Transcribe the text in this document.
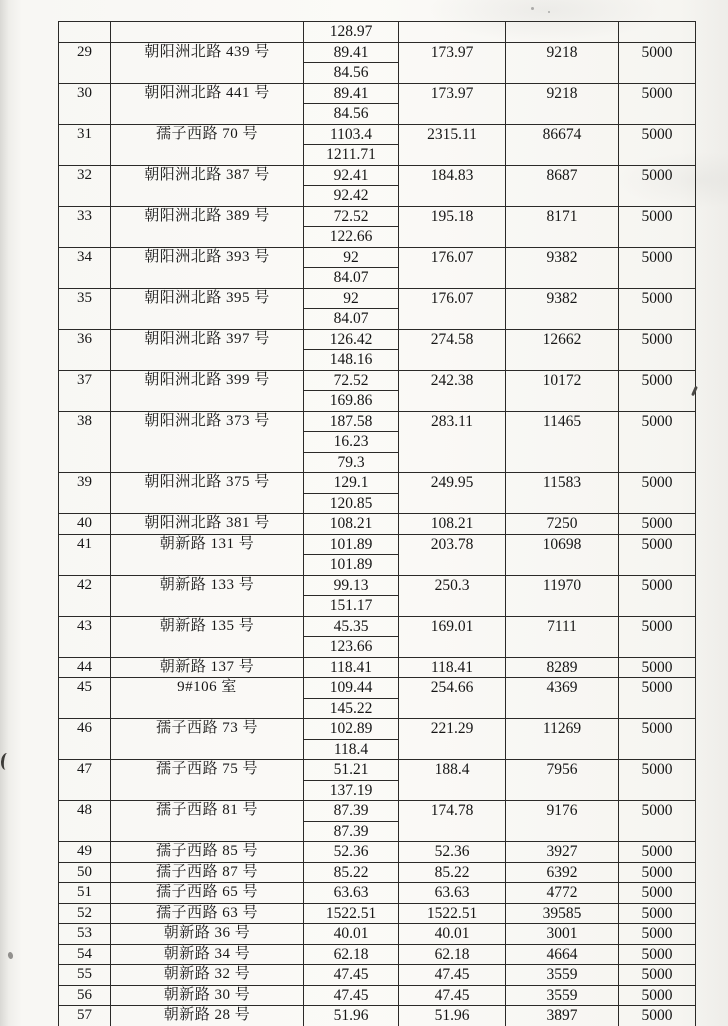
		128.97			
29	朝阳洲北路 439 号	89.41	173.97	9218	5000
		84.56			
30	朝阳洲北路 441 号	89.41	173.97	9218	5000
		84.56			
31	孺子西路 70 号	1103.4	2315.11	86674	5000
		1211.71			
32	朝阳洲北路 387 号	92.41	184.83	8687	5000
		92.42			
33	朝阳洲北路 389 号	72.52	195.18	8171	5000
		122.66			
34	朝阳洲北路 393 号	92	176.07	9382	5000
		84.07			
35	朝阳洲北路 395 号	92	176.07	9382	5000
		84.07			
36	朝阳洲北路 397 号	126.42	274.58	12662	5000
		148.16			
37	朝阳洲北路 399 号	72.52	242.38	10172	5000
		169.86			
38	朝阳洲北路 373 号	187.58	283.11	11465	5000
		16.23			
		79.3			
39	朝阳洲北路 375 号	129.1	249.95	11583	5000
		120.85			
40	朝阳洲北路 381 号	108.21	108.21	7250	5000
41	朝新路 131 号	101.89	203.78	10698	5000
		101.89			
42	朝新路 133 号	99.13	250.3	11970	5000
		151.17			
43	朝新路 135 号	45.35	169.01	7111	5000
		123.66			
44	朝新路 137 号	118.41	118.41	8289	5000
45	9#106 室	109.44	254.66	4369	5000
		145.22			
46	孺子西路 73 号	102.89	221.29	11269	5000
		118.4			
47	孺子西路 75 号	51.21	188.4	7956	5000
		137.19			
48	孺子西路 81 号	87.39	174.78	9176	5000
		87.39			
49	孺子西路 85 号	52.36	52.36	3927	5000
50	孺子西路 87 号	85.22	85.22	6392	5000
51	孺子西路 65 号	63.63	63.63	4772	5000
52	孺子西路 63 号	1522.51	1522.51	39585	5000
53	朝新路 36 号	40.01	40.01	3001	5000
54	朝新路 34 号	62.18	62.18	4664	5000
55	朝新路 32 号	47.45	47.45	3559	5000
56	朝新路 30 号	47.45	47.45	3559	5000
57	朝新路 28 号	51.96	51.96	3897	5000
